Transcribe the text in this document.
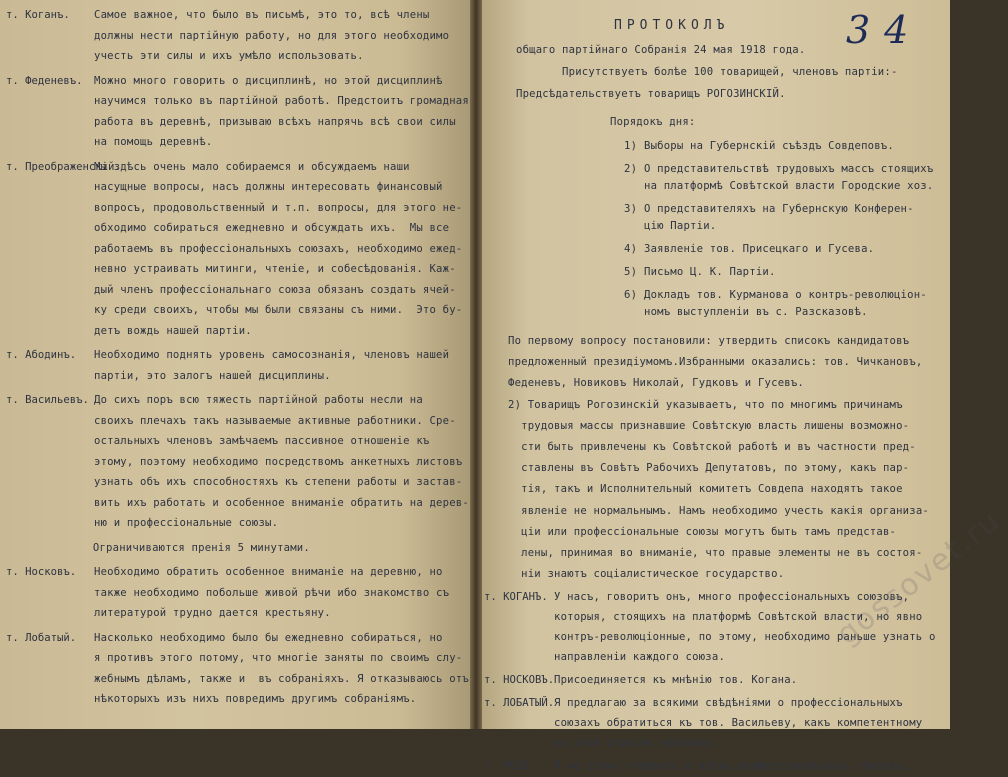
т. Коганъ. Самое важное, что было въ письмѣ, это то, всѣ члены
должны нести партійную работу, но для этого необходимо
учесть эти силы и ихъ умѣло использовать.
т. Феденевъ. Можно много говорить о дисциплинѣ, но этой дисциплинѣ
научимся только въ партійной работѣ. Предстоитъ громадная
работа въ деревнѣ, призываю всѣхъ напрячь всѣ свои силы
на помощь деревнѣ.
т. Преображенскій.
Мы здѣсь очень мало собираемся и обсуждаемъ наши
насущные вопросы, насъ должны интересовать финансовый
вопросъ, продовольственный и т.п. вопросы, для этого не-
обходимо собираться ежедневно и обсуждать ихъ.  Мы все
работаемъ въ профессіональныхъ союзахъ, необходимо ежед-
невно устраивать митинги, чтеніе, и собесѣдованія. Каж-
дый членъ профессіональнаго союза обязанъ создать ячей-
ку среди своихъ, чтобы мы были связаны съ ними.  Это бу-
детъ вождь нашей партіи.
т. Абодинъ. Необходимо поднять уровень самосознанія, членовъ нашей
партіи, это залогъ нашей дисциплины.
т. Васильевъ. До сихъ поръ всю тяжесть партійной работы несли на
своихъ плечахъ такъ называемые активные работники. Сре-
остальныхъ членовъ замѣчаемъ пассивное отношеніе къ
этому, поэтому необходимо посредствомъ анкетныхъ листовъ
узнать объ ихъ способностяхъ къ степени работы и застав-
вить ихъ работать и особенное вниманіе обратить на дерев-
ню и профессіональные союзы.
Ограничиваются пренія 5 минутами.
т. Носковъ. Необходимо обратить особенное вниманіе на деревню, но
также необходимо побольше живой рѣчи ибо знакомство съ
литературой трудно дается крестьяну.
т. Лобатый. Насколько необходимо было бы ежедневно собираться, но
я противъ этого потому, что многіе заняты по своимъ слу-
жебнымъ дѣламъ, также и  въ собраніяхъ. Я отказываюсь отъ
нѣкоторыхъ изъ нихъ повредимъ другимъ собраніямъ.
общаго партійнаго Собранія 24 мая 1918 года.
Присутствуетъ болѣе 100 товарищей, членовъ партіи:-
Предсѣдательствуетъ товарищъ РОГОЗИНСКІЙ.
Порядокъ дня:
1) Выборы на Губернскій съѣздъ Совдеповъ.
2) О представительствѣ трудовыхъ массъ стоящихъ
на платформѣ Совѣтской власти Городские хоз.
3) О представителяхъ на Губернскую Конферен-
цію Партіи.
4) Заявленіе тов. Присецкаго и Гусева.
5) Письмо Ц. К. Партіи.
6) Докладъ тов. Курманова о контръ-революціон-
номъ выступленіи въ с. Разсказовѣ.
По первому вопросу постановили: утвердить списокъ кандидатовъ
предложенный президіумомъ.Избранными оказались: тов. Чичкановъ,
Феденевъ, Новиковъ Николай, Гудковъ и Гусевъ.
2) Товарищъ Рогозинскій указываетъ, что по многимъ причинамъ
трудовыя массы признавшие Совѣтскую власть лишены возможно-
сти быть привлечены къ Совѣтской работѣ и въ частности пред-
ставлены въ Совѣтъ Рабочихъ Депутатовъ, по этому, какъ пар-
тія, такъ и Исполнительный комитетъ Совдепа находятъ такое
явленіе не нормальнымъ. Намъ необходимо учесть какія организа-
ціи или профессіональные союзы могутъ быть тамъ представ-
лены, принимая во вниманіе, что правые элементы не въ состоя-
ніи знаютъ соціалистическое государство.
т. КОГАНЪ. У насъ, говоритъ онъ, много профессіональныхъ союзовъ,
которыя, стоящихъ на платформѣ Совѣтской власти, но явно
контръ-революціонные, по этому, необходимо раньше узнать о
направленіи каждого союза.
т. НОСКОВЪ. Присоединяется къ мнѣнію тов. Когана.
т. ЛОБАТЫЙ. Я предлагаю за всякими свѣдѣніями о профессіональныхъ
союзахъ обратиться къ тов. Васильеву, какъ компетентному
въ этой отросли человѣку.
т. РОЗЕ. Я не стану говорить о всѣхъ профессіональныхъ союзахъ,
ПРОТОКОЛЪ	34
gossovet.ru
